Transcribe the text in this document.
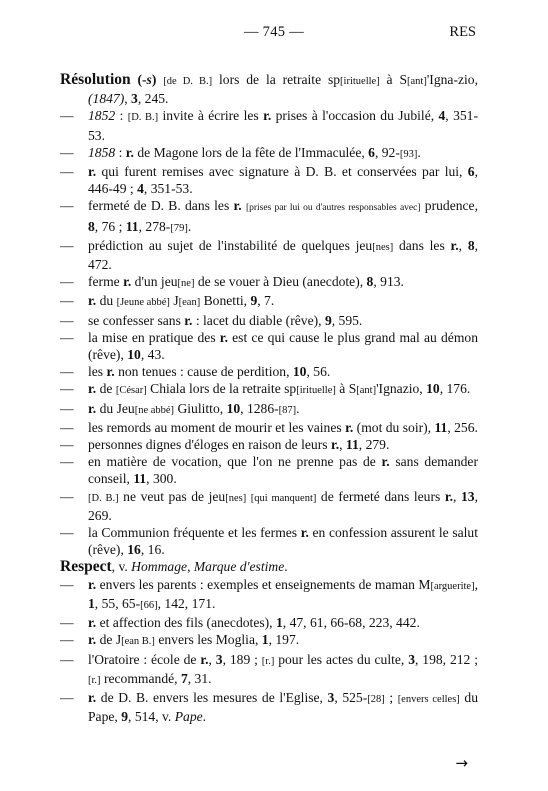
— 745 —	RES
Résolution (-s) [de D. B.] lors de la retraite sp[irituelle] à S[ant]'Igna-zio, (1847), 3, 245.
— 1852 : [D. B.] invite à écrire les r. prises à l'occasion du Jubilé, 4, 351-53.
— 1858 : r. de Magone lors de la fête de l'Immaculée, 6, 92-[93].
— r. qui furent remises avec signature à D. B. et conservées par lui, 6, 446-49 ; 4, 351-53.
— fermeté de D. B. dans les r. [prises par lui ou d'autres responsables avec] prudence, 8, 76 ; 11, 278-[79].
— prédiction au sujet de l'instabilité de quelques jeu[nes] dans les r., 8, 472.
— ferme r. d'un jeu[ne] de se vouer à Dieu (anecdote), 8, 913.
— r. du [Jeune abbé] J[ean] Bonetti, 9, 7.
— se confesser sans r. : lacet du diable (rêve), 9, 595.
— la mise en pratique des r. est ce qui cause le plus grand mal au démon (rêve), 10, 43.
— les r. non tenues : cause de perdition, 10, 56.
— r. de [César] Chiala lors de la retraite sp[irituelle] à S[ant]'Ignazio, 10, 176.
— r. du Jeu[ne abbé] Giulitto, 10, 1286-[87].
— les remords au moment de mourir et les vaines r. (mot du soir), 11, 256.
— personnes dignes d'éloges en raison de leurs r., 11, 279.
— en matière de vocation, que l'on ne prenne pas de r. sans demander conseil, 11, 300.
— [D. B.] ne veut pas de jeu[nes] [qui manquent] de fermeté dans leurs r., 13, 269.
— la Communion fréquente et les fermes r. en confession assurent le salut (rêve), 16, 16.
Respect, v. Hommage, Marque d'estime.
— r. envers les parents : exemples et enseignements de maman M[arguerite], 1, 55, 65-[66], 142, 171.
— r. et affection des fils (anecdotes), 1, 47, 61, 66-68, 223, 442.
— r. de J[ean B.] envers les Moglia, 1, 197.
— l'Oratoire : école de r., 3, 189 ; [r.] pour les actes du culte, 3, 198, 212 ; [r.] recommandé, 7, 31.
— r. de D. B. envers les mesures de l'Eglise, 3, 525-[28] ; [envers celles] du Pape, 9, 514, v. Pape.
→
